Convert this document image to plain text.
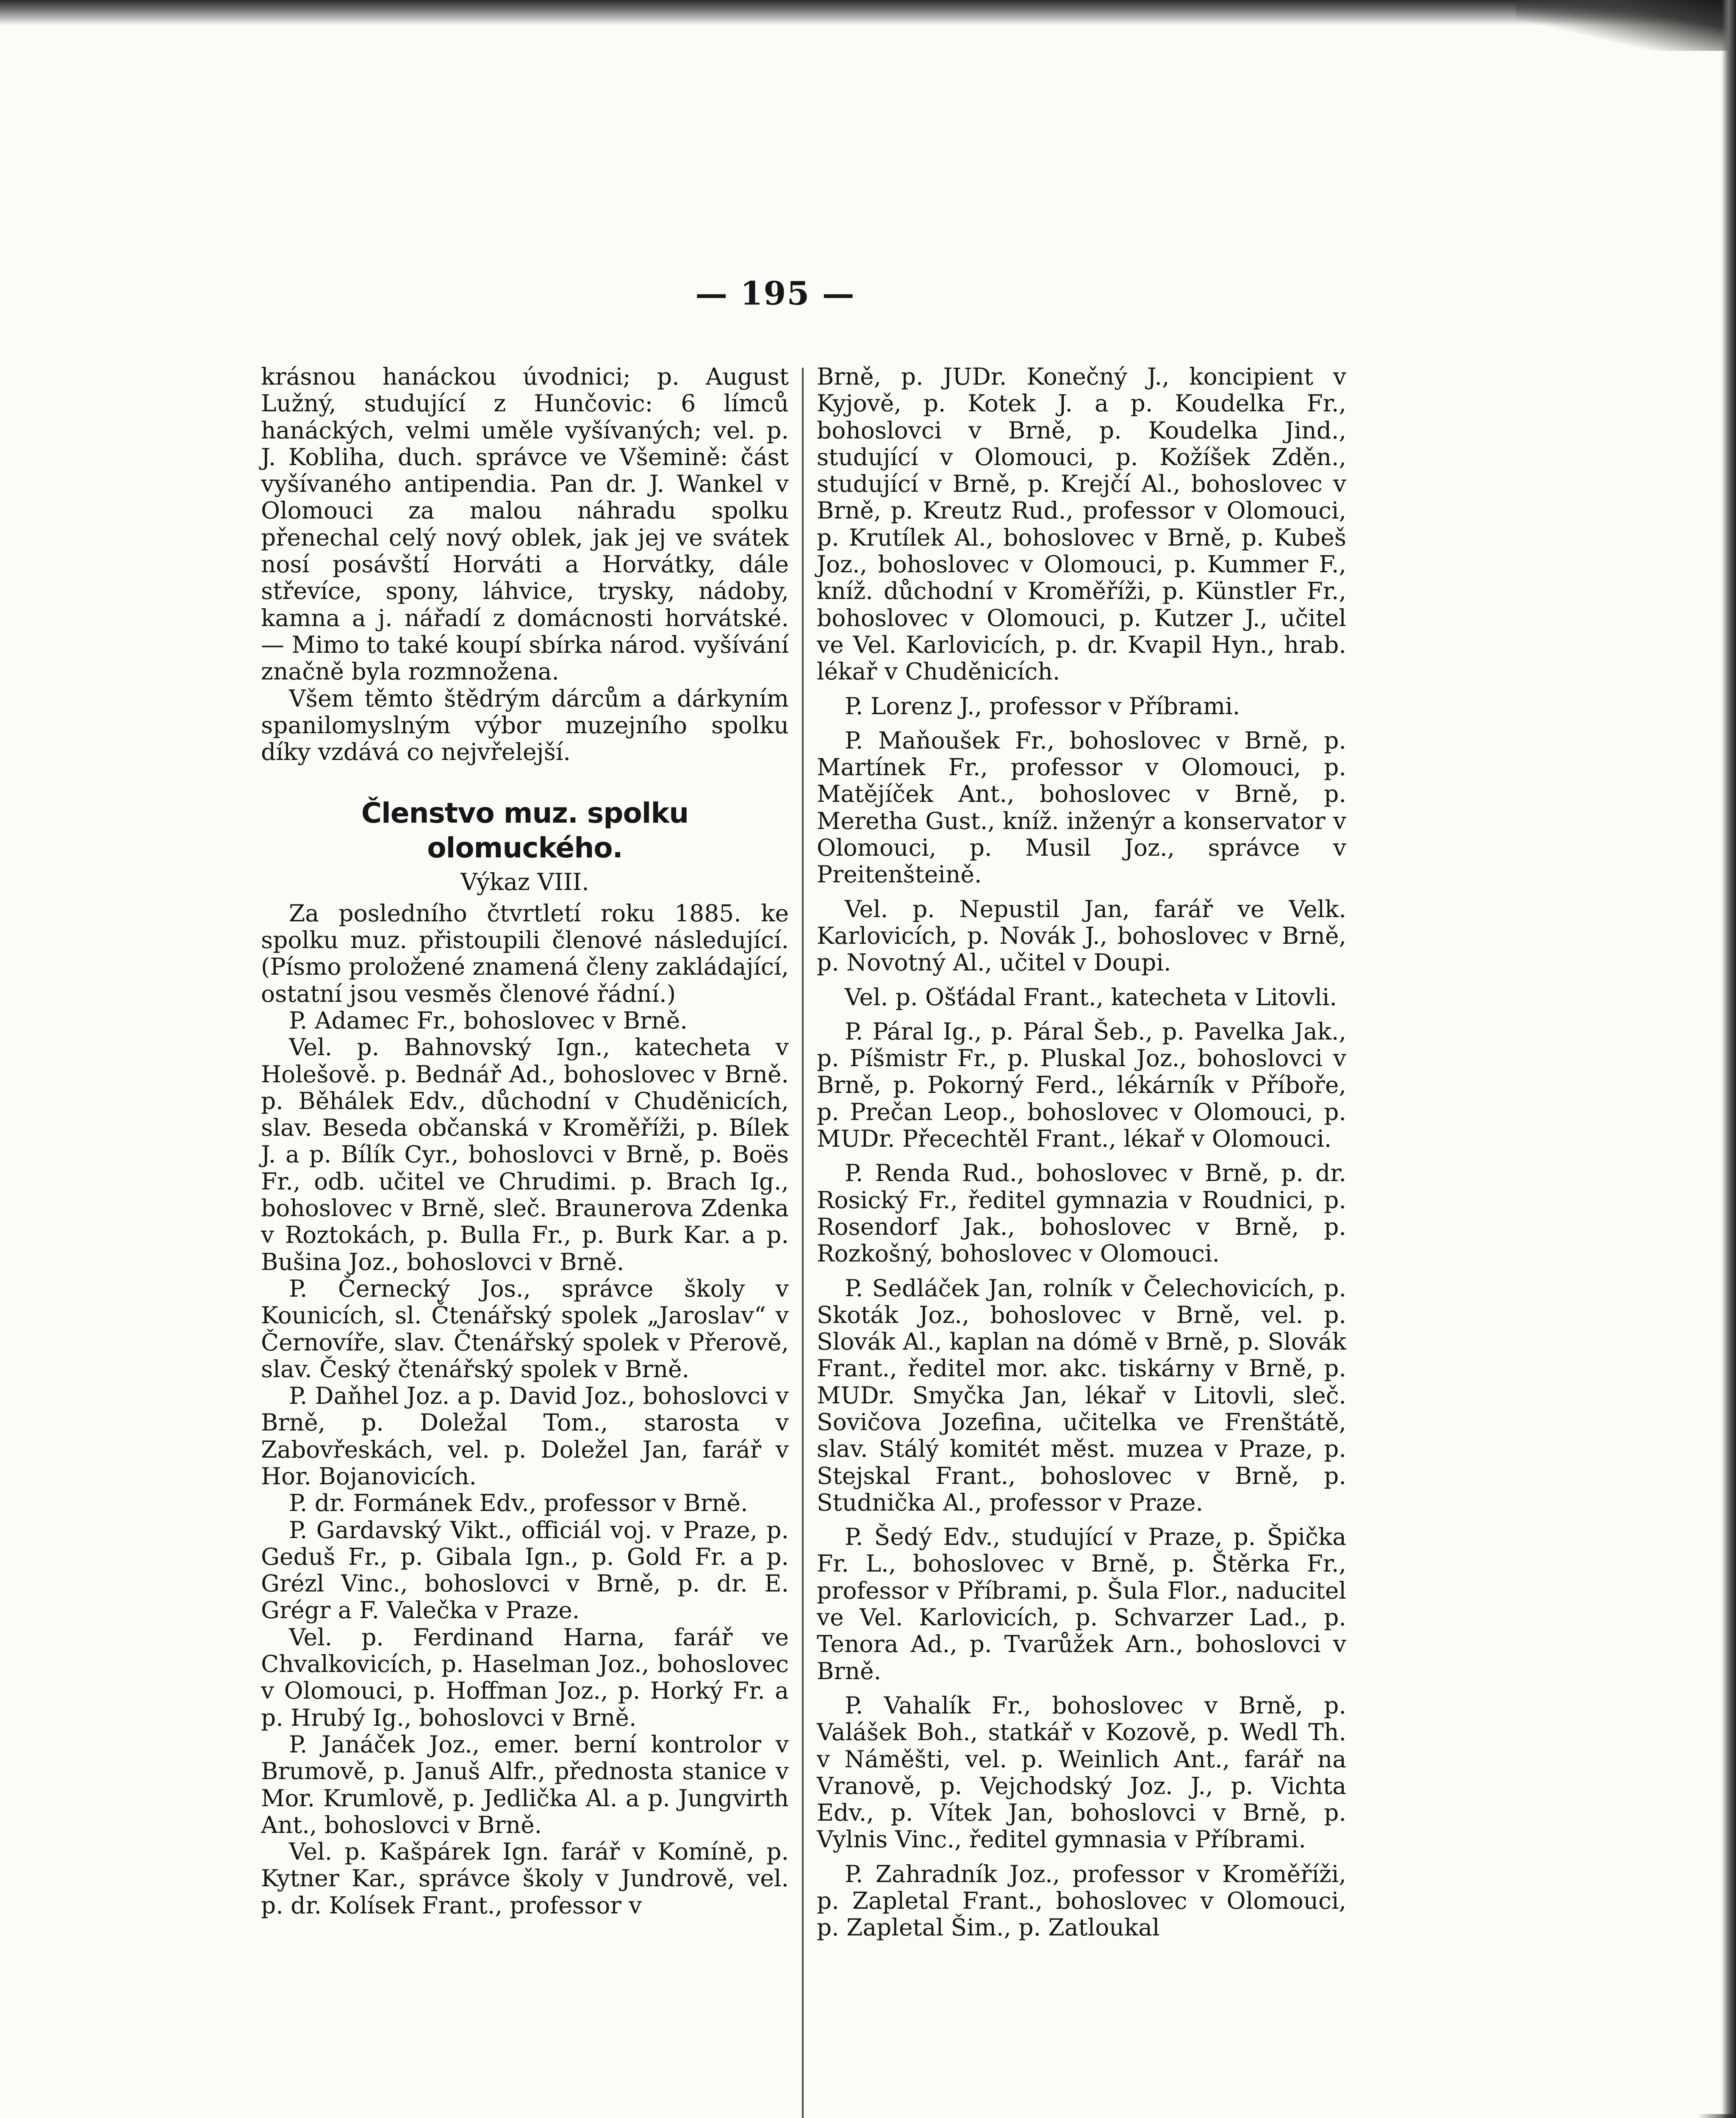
— 195 —

krásnou hanáckou úvodnici; p. August Lužný, studující z Hunčovic: 6 límců hanáckých, velmi uměle vyšívaných; vel. p. J. Kobliha, duch. správce ve Všemině: část vyšívaného antipendia. Pan dr. J. Wankel v Olomouci za malou náhradu spolku přenechal celý nový oblek, jak jej ve svátek nosí posávští Horváti a Horvátky, dále střevíce, spony, láhvice, trysky, nádoby, kamna a j. nářadí z domácnosti horvátské. — Mimo to také koupí sbírka národ. vyšívání značně byla rozmnožena.

Všem těmto štědrým dárcům a dárkyním spanilomyslným výbor muzejního spolku díky vzdává co nejvřelejší.

Členstvo muz. spolku olomuckého.
Výkaz VIII.

Za posledního čtvrtletí roku 1885. ke spolku muz. přistoupili členové následující. (Písmo proložené znamená členy zakládající, ostatní jsou vesměs členové řádní.)

P. Adamec Fr., bohoslovec v Brně.

Vel. p. Bahnovský Ign., katecheta v Holešově. p. Bednář Ad., bohoslovec v Brně. p. Běhálek Edv., důchodní v Chuděnicích, slav. Beseda občanská v Kroměříži, p. Bílek J. a p. Bílík Cyr., bohoslovci v Brně, p. Boës Fr., odb. učitel ve Chrudimi. p. Brach Ig., bohoslovec v Brně, sleč. Braunerova Zdenka v Roztokách, p. Bulla Fr., p. Burk Kar. a p. Bušina Joz., bohoslovci v Brně.

P. Černecký Jos., správce školy v Kounicích, sl. Čtenářský spolek „Jaroslav“ v Černovíře, slav. Čtenářský spolek v Přerově, slav. Český čtenářský spolek v Brně.

P. Daňhel Joz. a p. David Joz., bohoslovci v Brně, p. Doležal Tom., starosta v Zabovřeskách, vel. p. Doležel Jan, farář v Hor. Bojanovicích.

P. dr. Formánek Edv., professor v Brně.

P. Gardavský Vikt., officiál voj. v Praze, p. Geduš Fr., p. Gibala Ign., p. Gold Fr. a p. Grézl Vinc., bohoslovci v Brně, p. dr. E. Grégr a F. Valečka v Praze.

Vel. p. Ferdinand Harna, farář ve Chvalkovicích, p. Haselman Joz., bohoslovec v Olomouci, p. Hoffman Joz., p. Horký Fr. a p. Hrubý Ig., bohoslovci v Brně.

P. Janáček Joz., emer. berní kontrolor v Brumově, p. Januš Alfr., přednosta stanice v Mor. Krumlově, p. Jedlička Al. a p. Jungvirth Ant., bohoslovci v Brně.

Vel. p. Kašpárek Ign. farář v Komíně, p. Kytner Kar., správce školy v Jundrově, vel. p. dr. Kolísek Frant., professor v

Brně, p. JUDr. Konečný J., koncipient v Kyjově, p. Kotek J. a p. Koudelka Fr., bohoslovci v Brně, p. Koudelka Jind., studující v Olomouci, p. Kožíšek Zděn., studující v Brně, p. Krejčí Al., bohoslovec v Brně, p. Kreutz Rud., professor v Olomouci, p. Krutílek Al., bohoslovec v Brně, p. Kubeš Joz., bohoslovec v Olomouci, p. Kummer F., kníž. důchodní v Kroměříži, p. Künstler Fr., bohoslovec v Olomouci, p. Kutzer J., učitel ve Vel. Karlovicích, p. dr. Kvapil Hyn., hrab. lékař v Chuděnicích.

P. Lorenz J., professor v Příbrami.

P. Maňoušek Fr., bohoslovec v Brně, p. Martínek Fr., professor v Olomouci, p. Matějíček Ant., bohoslovec v Brně, p. Meretha Gust., kníž. inženýr a konservator v Olomouci, p. Musil Joz., správce v Preitenšteině.

Vel. p. Nepustil Jan, farář ve Velk. Karlovicích, p. Novák J., bohoslovec v Brně, p. Novotný Al., učitel v Doupi.

Vel. p. Ošťádal Frant., katecheta v Litovli.

P. Páral Ig., p. Páral Šeb., p. Pavelka Jak., p. Píšmistr Fr., p. Pluskal Joz., bohoslovci v Brně, p. Pokorný Ferd., lékárník v Příboře, p. Prečan Leop., bohoslovec v Olomouci, p. MUDr. Přecechtěl Frant., lékař v Olomouci.

P. Renda Rud., bohoslovec v Brně, p. dr. Rosický Fr., ředitel gymnazia v Roudnici, p. Rosendorf Jak., bohoslovec v Brně, p. Rozkošný, bohoslovec v Olomouci.

P. Sedláček Jan, rolník v Čelechovicích, p. Skoták Joz., bohoslovec v Brně, vel. p. Slovák Al., kaplan na dómě v Brně, p. Slovák Frant., ředitel mor. akc. tiskárny v Brně, p. MUDr. Smyčka Jan, lékař v Litovli, sleč. Sovičova Jozefina, učitelka ve Frenštátě, slav. Stálý komitét měst. muzea v Praze, p. Stejskal Frant., bohoslovec v Brně, p. Studnička Al., professor v Praze.

P. Šedý Edv., studující v Praze, p. Špička Fr. L., bohoslovec v Brně, p. Štěrka Fr., professor v Příbrami, p. Šula Flor., naducitel ve Vel. Karlovicích, p. Schvarzer Lad., p. Tenora Ad., p. Tvarůžek Arn., bohoslovci v Brně.

P. Vahalík Fr., bohoslovec v Brně, p. Valášek Boh., statkář v Kozově, p. Wedl Th. v Náměšti, vel. p. Weinlich Ant., farář na Vranově, p. Vejchodský Joz. J., p. Vichta Edv., p. Vítek Jan, bohoslovci v Brně, p. Vylnis Vinc., ředitel gymnasia v Příbrami.

P. Zahradník Joz., professor v Kroměříži, p. Zapletal Frant., bohoslovec v Olomouci, p. Zapletal Šim., p. Zatloukal
